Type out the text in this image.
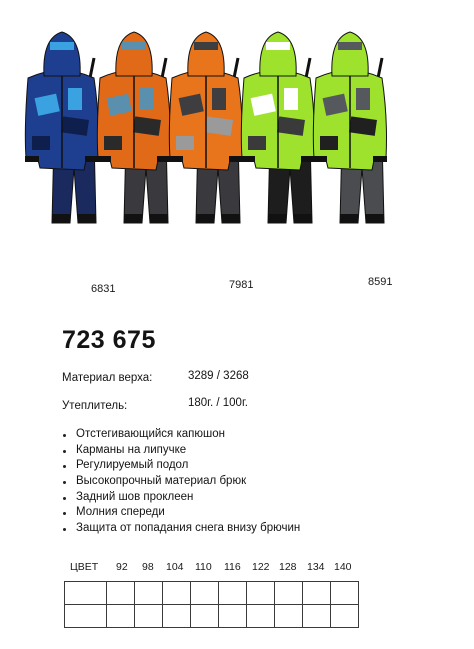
6831	7981	8591
723 675
Материал верха:	3289 / 3268
Утеплитель:	180г. / 100г.
Отстегивающийся капюшон
Карманы на липучке
Регулируемый подол
Высокопрочный материал брюк
Задний шов проклеен
Молния спереди
Защита от попадания снега внизу брючин
ЦВЕТ 92 98 104 110 116 122 128 134 140
